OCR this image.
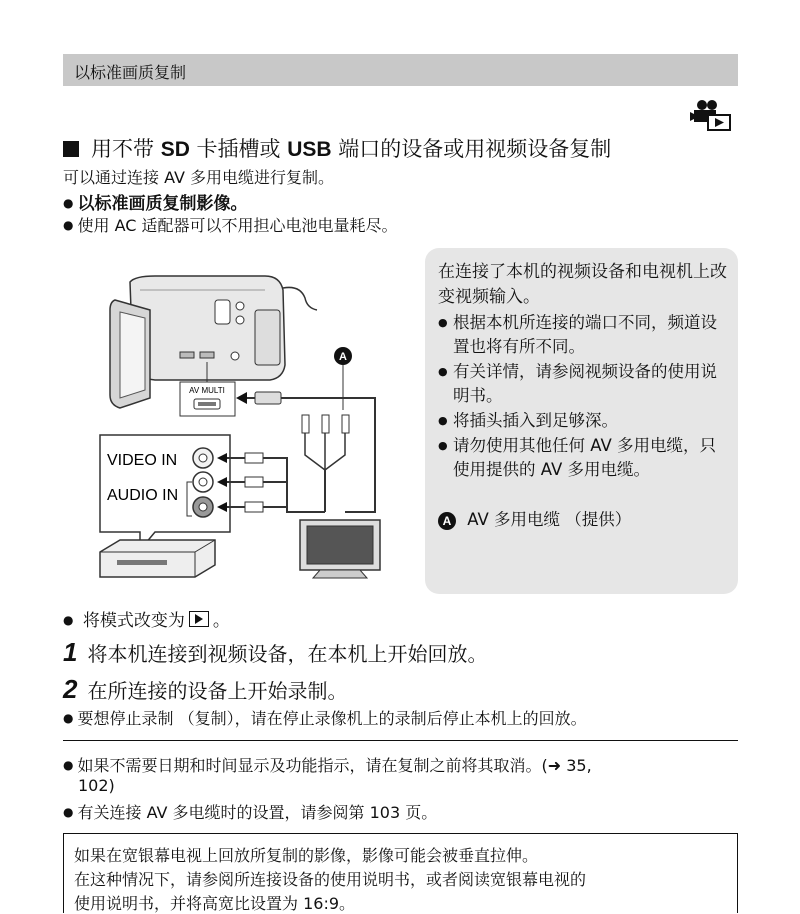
以标准画质复制
用不带 SD 卡插槽或 USB 端口的设备或用视频设备复制
可以通过连接 AV 多用电缆进行复制。
● 以标准画质复制影像。
● 使用 AC 适配器可以不用担心电池电量耗尽。
AV MULTI
A
VIDEO IN
AUDIO IN
在连接了本机的视频设备和电视机上改变视频输入。
● 根据本机所连接的端口不同，频道设置也将有所不同。
● 有关详情，请参阅视频设备的使用说明书。
● 将插头插入到足够深。
● 请勿使用其他任何 AV 多用电缆，只使用提供的 AV 多用电缆。
A AV 多用电缆 （提供）
● 将模式改变为 。
1 将本机连接到视频设备，在本机上开始回放。
2 在所连接的设备上开始录制。
● 要想停止录制 （复制），请在停止录像机上的录制后停止本机上的回放。
● 如果不需要日期和时间显示及功能指示，请在复制之前将其取消。(➜ 35,
102)
● 有关连接 AV 多电缆时的设置，请参阅第 103 页。
如果在宽银幕电视上回放所复制的影像，影像可能会被垂直拉伸。
在这种情况下，请参阅所连接设备的使用说明书，或者阅读宽银幕电视的
使用说明书，并将高宽比设置为 16:9。
